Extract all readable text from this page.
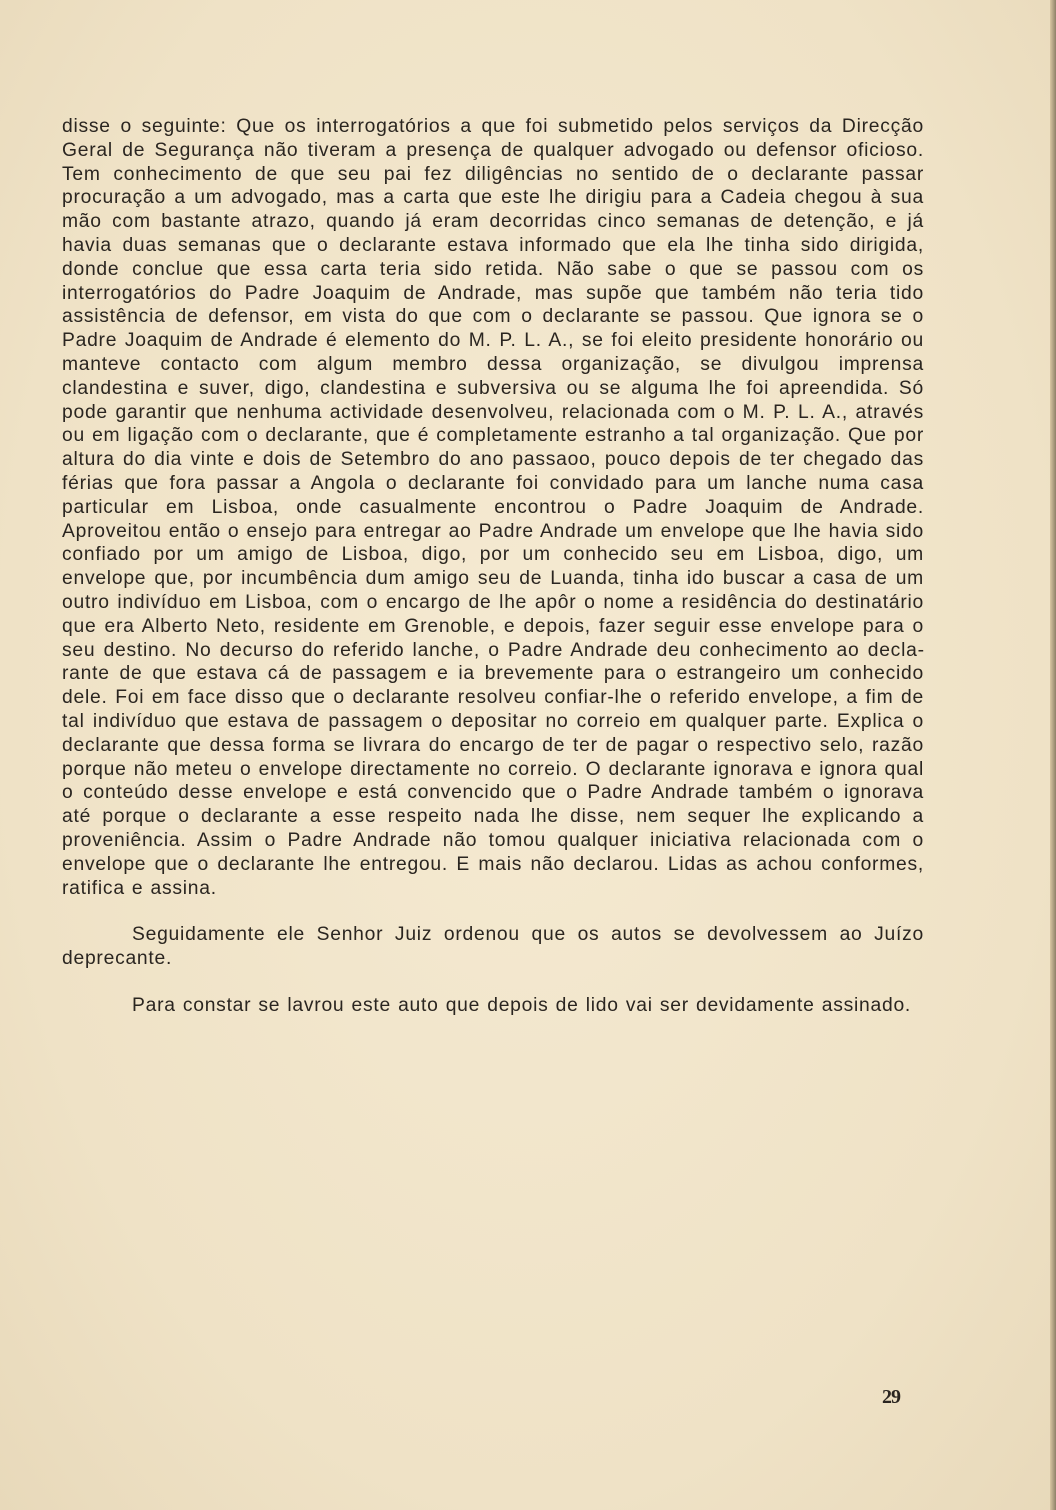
disse o seguinte: Que os interrogatórios a que foi submetido pelos serviços da Direcção Geral de Segurança não tiveram a presença de qualquer advogado ou defensor oficioso. Tem conhecimento de que seu pai fez diligências no sentido de o declarante passar procuração a um advogado, mas a carta que este lhe dirigiu para a Cadeia chegou à sua mão com bastante atrazo, quando já eram decorridas cinco semanas de detenção, e já havia duas semanas que o declarante estava informado que ela lhe tinha sido dirigida, donde conclue que essa carta teria sido retida. Não sabe o que se passou com os interrogatórios do Padre Joaquim de Andrade, mas supõe que também não teria tido assistência de defensor, em vista do que com o declarante se passou. Que ignora se o Padre Joaquim de Andrade é elemento do M. P. L. A., se foi eleito presidente honorário ou manteve contacto com algum membro dessa organização, se divulgou imprensa clandestina e suver, digo, clandestina e subversiva ou se alguma lhe foi apreendida. Só pode garantir que nenhuma actividade desenvolveu, relacionada com o M. P. L. A., através ou em ligação com o declarante, que é completamente estranho a tal organização. Que por altura do dia vinte e dois de Setembro do ano passaoo, pouco depois de ter chegado das férias que fora passar a Angola o declarante foi convidado para um lanche numa casa particular em Lisboa, onde casualmente encontrou o Padre Joaquim de Andrade. Aproveitou então o ensejo para entregar ao Padre Andrade um envelope que lhe havia sido confiado por um amigo de Lisboa, digo, por um conhecido seu em Lisboa, digo, um envelope que, por incumbência dum amigo seu de Luanda, tinha ido buscar a casa de um outro indivíduo em Lisboa, com o encargo de lhe apôr o nome a residência do destinatário que era Alberto Neto, residente em Grenoble, e depois, fazer seguir esse envelope para o seu destino. No decurso do referido lanche, o Padre Andrade deu conhecimento ao declarante de que estava cá de passagem e ia brevemente para o estrangeiro um conhecido dele. Foi em face disso que o declarante resolveu confiar-lhe o referido envelope, a fim de tal indivíduo que estava de passagem o depositar no correio em qualquer parte. Explica o declarante que dessa forma se livrara do encargo de ter de pagar o respectivo selo, razão porque não meteu o envelope directamente no correio. O declarante ignorava e ignora qual o conteúdo desse envelope e está convencido que o Padre Andrade também o ignorava até porque o declarante a esse respeito nada lhe disse, nem sequer lhe explicando a proveniência. Assim o Padre Andrade não tomou qualquer iniciativa relacionada com o envelope que o declarante lhe entregou. E mais não declarou. Lidas as achou conformes, ratifica e assina.

Seguidamente ele Senhor Juiz ordenou que os autos se devolvessem ao Juízo deprecante.

Para constar se lavrou este auto que depois de lido vai ser devidamente assinado.

29
